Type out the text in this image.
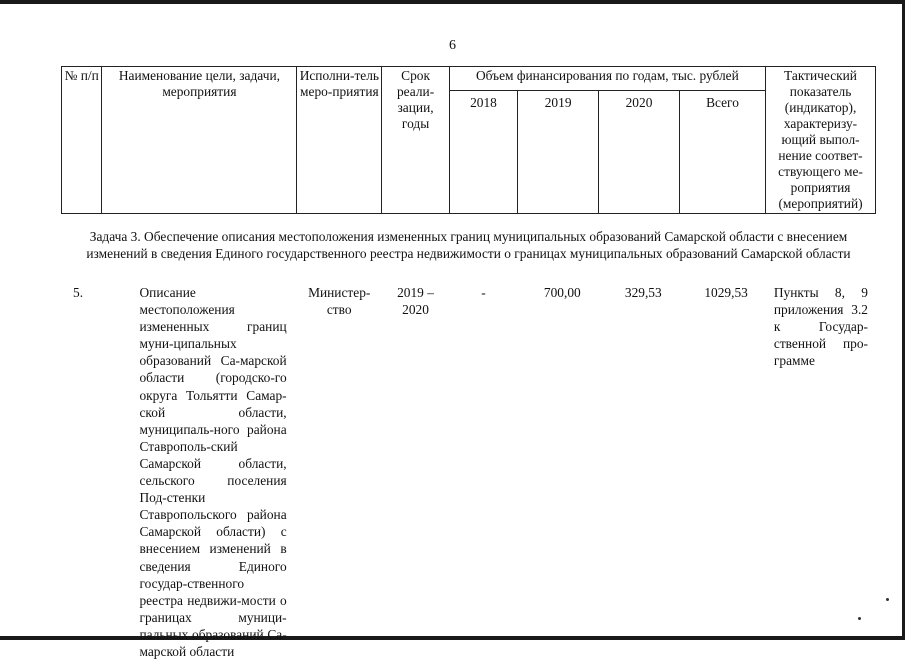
6
№ п/п	Наименование цели, задачи, мероприятия	Исполни-тель меро-приятия	Срок реали-зации, годы	Объем финансирования по годам, тыс. рублей				Тактический показатель (индикатор), характеризу-ющий выпол-нение соответ-ствующего ме-роприятия (мероприятий)
				2018	2019	2020	Всего	
Задача 3. Обеспечение описания местоположения измененных границ муниципальных образований Самарской области с внесением изменений в сведения Единого государственного реестра недвижимости о границах муниципальных образований Самарской области
5.	Описание местоположения измененных границ муни-ципальных образований Са-марской области (городско-го округа Тольятти Самар-ской области, муниципаль-ного района Ставрополь-ский Самарской области, сельского поселения Под-стенки Ставропольского района Самарской области) с внесением изменений в сведения Единого государ-ственного реестра недвижи-мости о границах муници-пальных образований Са-марской области	Министер-ство	2019 – 2020	-	700,00	329,53	1029,53	Пункты 8, 9 приложения 3.2 к Государ-ственной про-грамме
